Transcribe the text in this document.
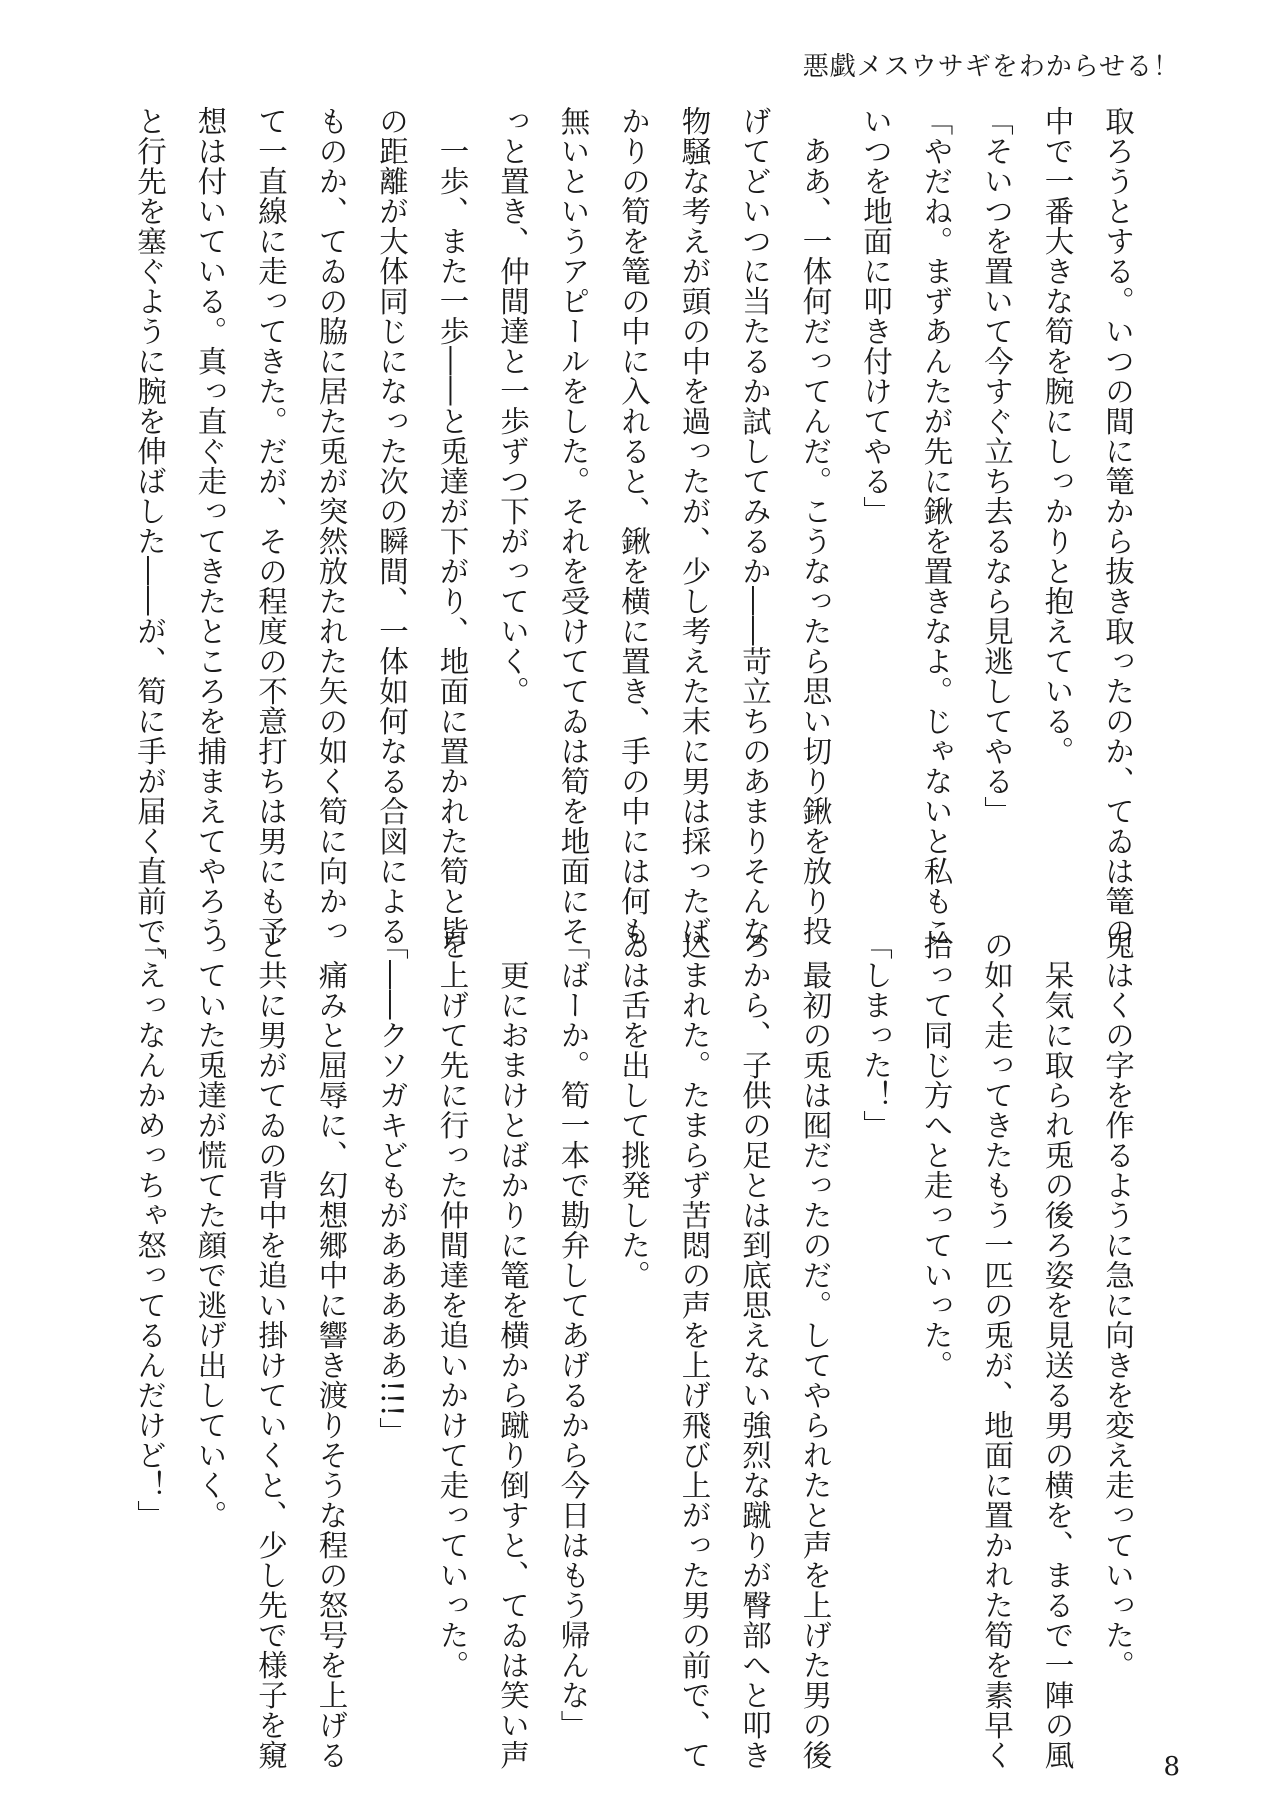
悪戯メスウサギをわからせる！
取ろうとする。いつの間に篭から抜き取ったのか、てゐは篭の
中で一番大きな筍を腕にしっかりと抱えている。
「そいつを置いて今すぐ立ち去るなら見逃してやる」
「やだね。まずあんたが先に鍬を置きなよ。じゃないと私もこ
いつを地面に叩き付けてやる」
　ああ、一体何だってんだ。こうなったら思い切り鍬を放り投
げてどいつに当たるか試してみるか――苛立ちのあまりそんな
物騒な考えが頭の中を過ったが、少し考えた末に男は採ったば
かりの筍を篭の中に入れると、鍬を横に置き、手の中には何も
無いというアピールをした。それを受けててゐは筍を地面にそ
っと置き、仲間達と一歩ずつ下がっていく。
　一歩、また一歩――と兎達が下がり、地面に置かれた筍と皆
の距離が大体同じになった次の瞬間、一体如何なる合図による
ものか、てゐの脇に居た兎が突然放たれた矢の如く筍に向かっ
て一直線に走ってきた。だが、その程度の不意打ちは男にも予
想は付いている。真っ直ぐ走ってきたところを捕まえてやろう
と行先を塞ぐように腕を伸ばした――が、筍に手が届く直前で、
兎はくの字を作るように急に向きを変え走っていった。
　呆気に取られ兎の後ろ姿を見送る男の横を、まるで一陣の風
の如く走ってきたもう一匹の兎が、地面に置かれた筍を素早く
拾って同じ方へと走っていった。
「しまった！」
　最初の兎は囮だったのだ。してやられたと声を上げた男の後
ろから、子供の足とは到底思えない強烈な蹴りが臀部へと叩き
込まれた。たまらず苦悶の声を上げ飛び上がった男の前で、て
ゐは舌を出して挑発した。
「ばーか。筍一本で勘弁してあげるから今日はもう帰んな」
　更におまけとばかりに篭を横から蹴り倒すと、てゐは笑い声
を上げて先に行った仲間達を追いかけて走っていった。
「――クソガキどもがあああああ!!!」
　痛みと屈辱に、幻想郷中に響き渡りそうな程の怒号を上げる
と共に男がてゐの背中を追い掛けていくと、少し先で様子を窺
っていた兎達が慌てた顔で逃げ出していく。
「えっなんかめっちゃ怒ってるんだけど！」
8
